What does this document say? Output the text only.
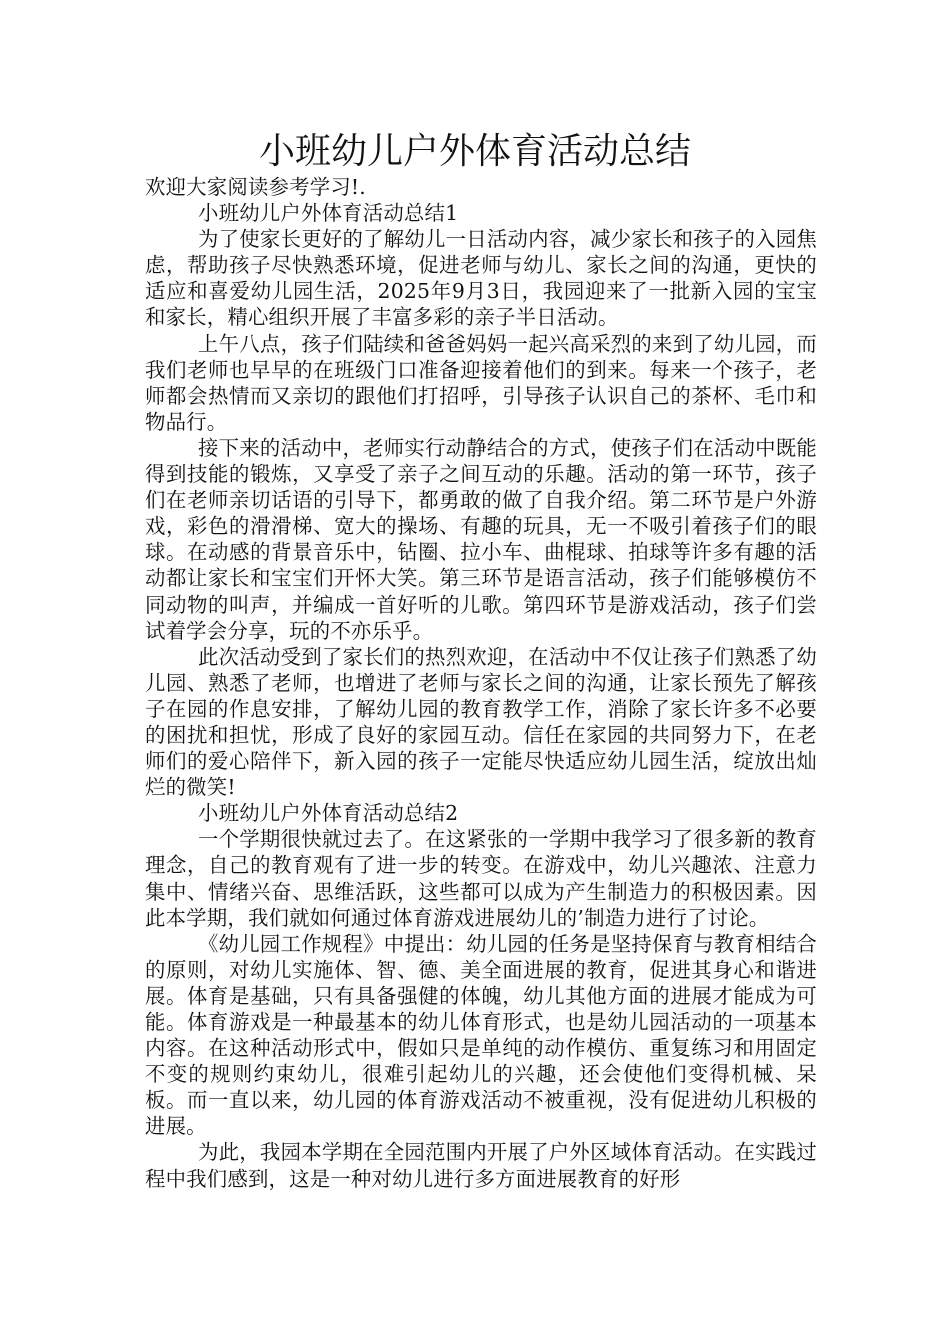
小班幼儿户外体育活动总结

欢迎大家阅读参考学习!.

小班幼儿户外体育活动总结1

为了使家长更好的了解幼儿一日活动内容，减少家长和孩子的入园焦虑，帮助孩子尽快熟悉环境，促进老师与幼儿、家长之间的沟通，更快的适应和喜爱幼儿园生活，2025年9月3日，我园迎来了一批新入园的宝宝和家长，精心组织开展了丰富多彩的亲子半日活动。

上午八点，孩子们陆续和爸爸妈妈一起兴高采烈的来到了幼儿园，而我们老师也早早的在班级门口准备迎接着他们的到来。每来一个孩子，老师都会热情而又亲切的跟他们打招呼，引导孩子认识自己的茶杯、毛巾和物品行。

接下来的活动中，老师实行动静结合的方式，使孩子们在活动中既能得到技能的锻炼，又享受了亲子之间互动的乐趣。活动的第一环节，孩子们在老师亲切话语的引导下，都勇敢的做了自我介绍。第二环节是户外游戏，彩色的滑滑梯、宽大的操场、有趣的玩具，无一不吸引着孩子们的眼球。在动感的背景音乐中，钻圈、拉小车、曲棍球、拍球等许多有趣的活动都让家长和宝宝们开怀大笑。第三环节是语言活动，孩子们能够模仿不同动物的叫声，并编成一首好听的儿歌。第四环节是游戏活动，孩子们尝试着学会分享，玩的不亦乐乎。

此次活动受到了家长们的热烈欢迎，在活动中不仅让孩子们熟悉了幼儿园、熟悉了老师，也增进了老师与家长之间的沟通，让家长预先了解孩子在园的作息安排，了解幼儿园的教育教学工作，消除了家长许多不必要的困扰和担忧，形成了良好的家园互动。信任在家园的共同努力下，在老师们的爱心陪伴下，新入园的孩子一定能尽快适应幼儿园生活，绽放出灿烂的微笑!

小班幼儿户外体育活动总结2

一个学期很快就过去了。在这紧张的一学期中我学习了很多新的教育理念，自己的教育观有了进一步的转变。在游戏中，幼儿兴趣浓、注意力集中、情绪兴奋、思维活跃，这些都可以成为产生制造力的积极因素。因此本学期，我们就如何通过体育游戏进展幼儿的’制造力进行了讨论。

《幼儿园工作规程》中提出：幼儿园的任务是坚持保育与教育相结合的原则，对幼儿实施体、智、德、美全面进展的教育，促进其身心和谐进展。体育是基础，只有具备强健的体魄，幼儿其他方面的进展才能成为可能。体育游戏是一种最基本的幼儿体育形式，也是幼儿园活动的一项基本内容。在这种活动形式中，假如只是单纯的动作模仿、重复练习和用固定不变的规则约束幼儿，很难引起幼儿的兴趣，还会使他们变得机械、呆板。而一直以来，幼儿园的体育游戏活动不被重视，没有促进幼儿积极的进展。

为此，我园本学期在全园范围内开展了户外区域体育活动。在实践过程中我们感到，这是一种对幼儿进行多方面进展教育的好形
